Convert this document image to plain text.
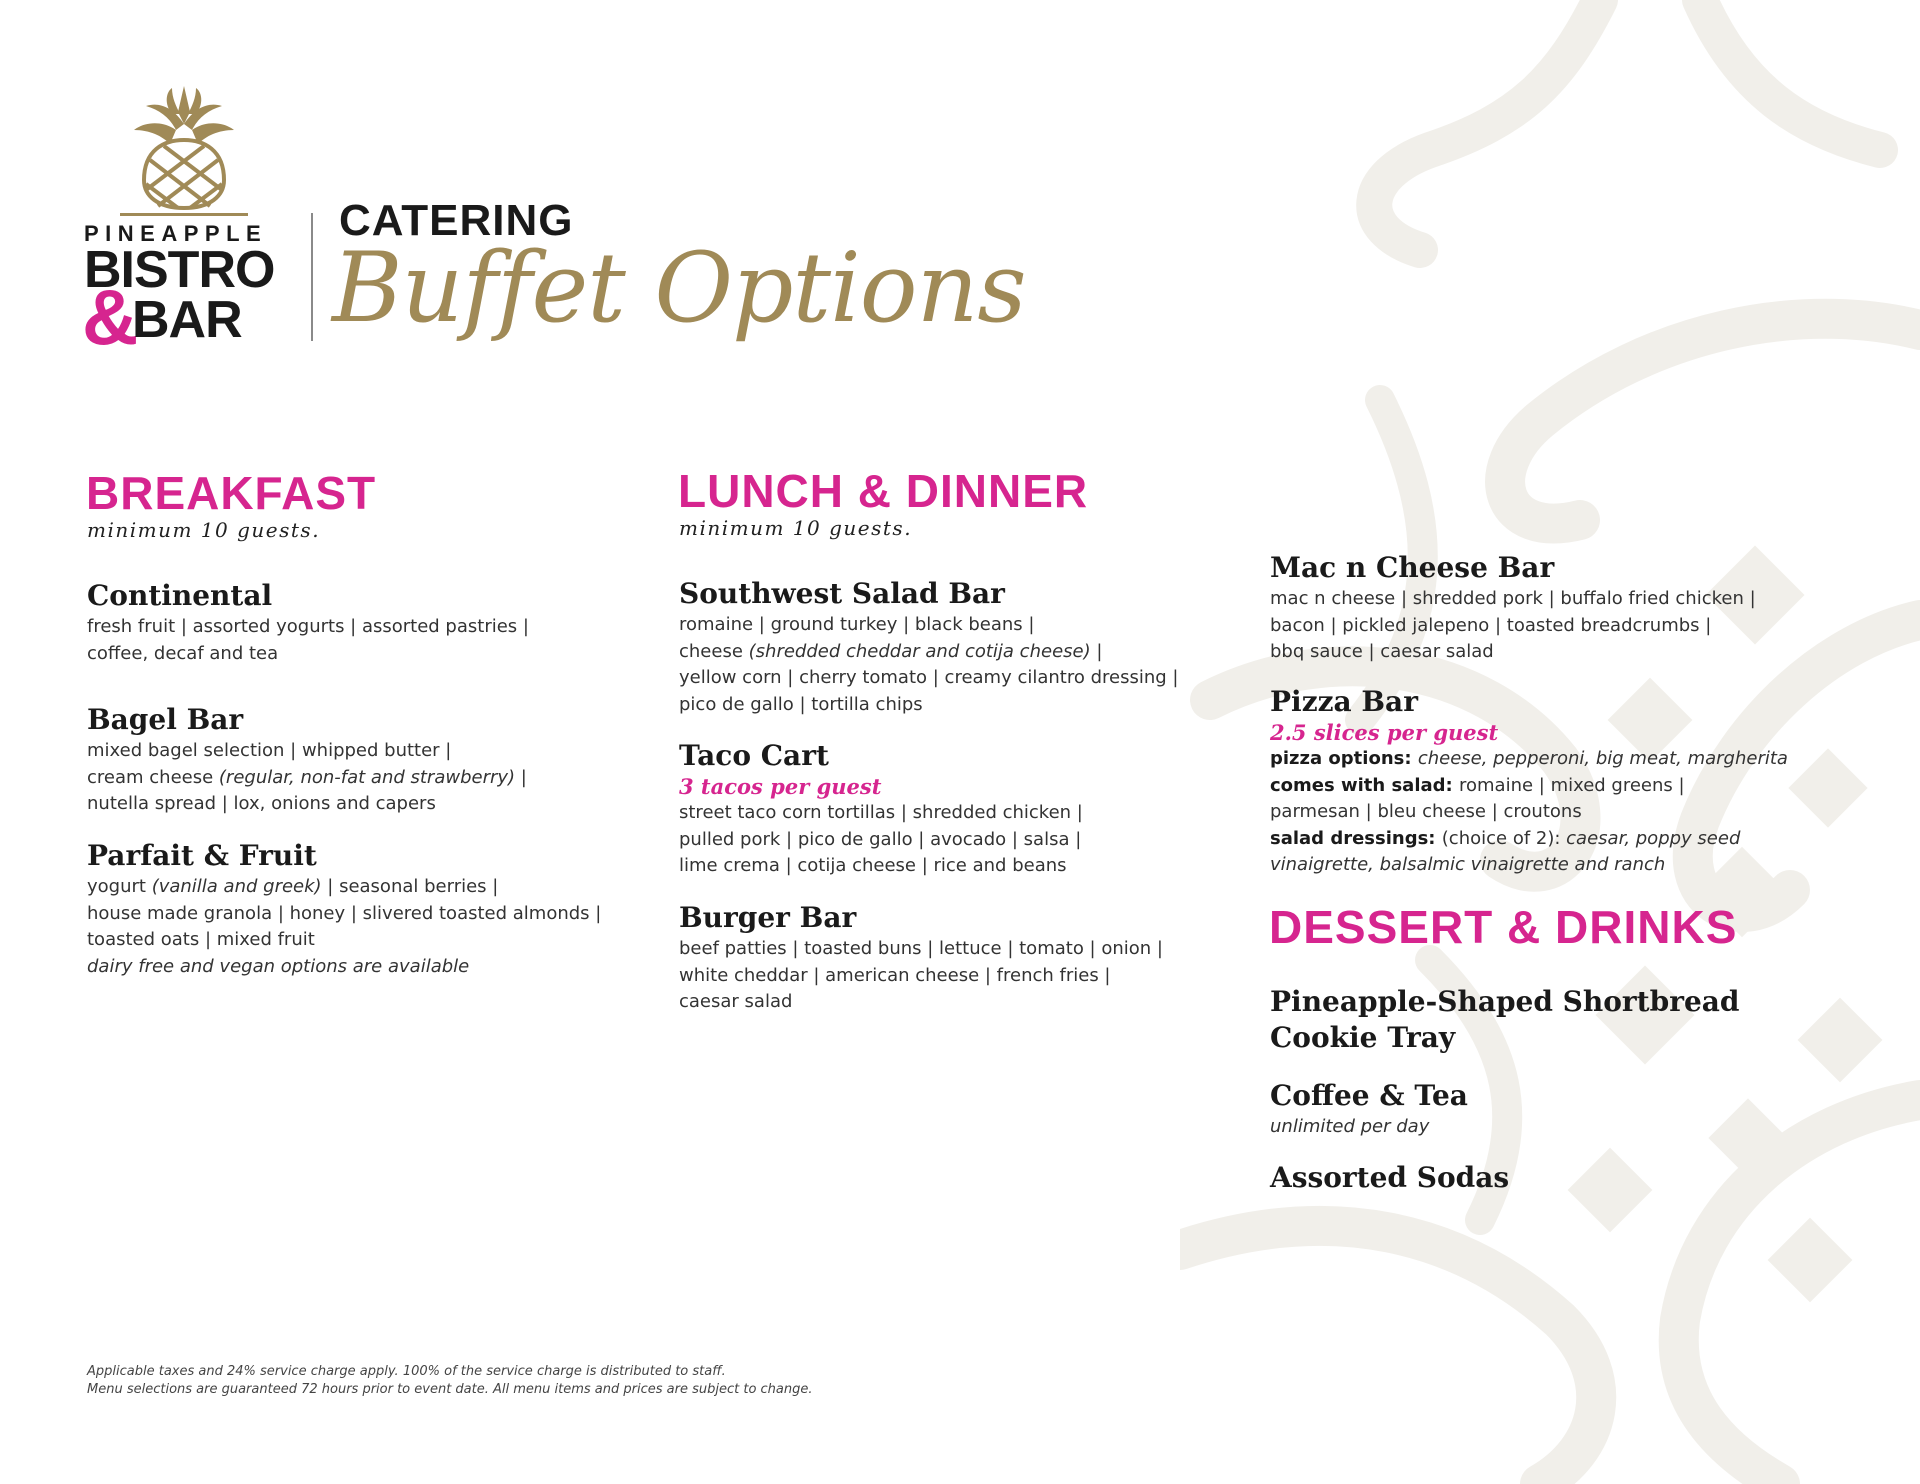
PINEAPPLE
&
BISTRO
BAR
CATERING
Buffet Options
BREAKFAST
minimum 10 guests.
Continental
fresh fruit | assorted yogurts | assorted pastries |
coffee, decaf and tea
Bagel Bar
mixed bagel selection | whipped butter |
cream cheese (regular, non-fat and strawberry) |
nutella spread | lox, onions and capers
Parfait & Fruit
yogurt (vanilla and greek) | seasonal berries |
house made granola | honey | slivered toasted almonds |
toasted oats | mixed fruit
dairy free and vegan options are available
LUNCH & DINNER
minimum 10 guests.
Southwest Salad Bar
romaine | ground turkey | black beans |
cheese (shredded cheddar and cotija cheese) |
yellow corn | cherry tomato | creamy cilantro dressing |
pico de gallo | tortilla chips
Taco Cart
3 tacos per guest
street taco corn tortillas | shredded chicken |
pulled pork | pico de gallo | avocado | salsa |
lime crema | cotija cheese | rice and beans
Burger Bar
beef patties | toasted buns | lettuce | tomato | onion |
white cheddar | american cheese | french fries |
caesar salad
Mac n Cheese Bar
mac n cheese | shredded pork | buffalo fried chicken |
bacon | pickled jalepeno | toasted breadcrumbs |
bbq sauce | caesar salad
Pizza Bar
2.5 slices per guest
pizza options: cheese, pepperoni, big meat, margherita
comes with salad: romaine | mixed greens |
parmesan | bleu cheese | croutons
salad dressings: (choice of 2): caesar, poppy seed
vinaigrette, balsalmic vinaigrette and ranch
DESSERT & DRINKS
Pineapple-Shaped Shortbread
Cookie Tray
Coffee & Tea
unlimited per day
Assorted Sodas
Applicable taxes and 24% service charge apply. 100% of the service charge is distributed to staff.
Menu selections are guaranteed 72 hours prior to event date. All menu items and prices are subject to change.
